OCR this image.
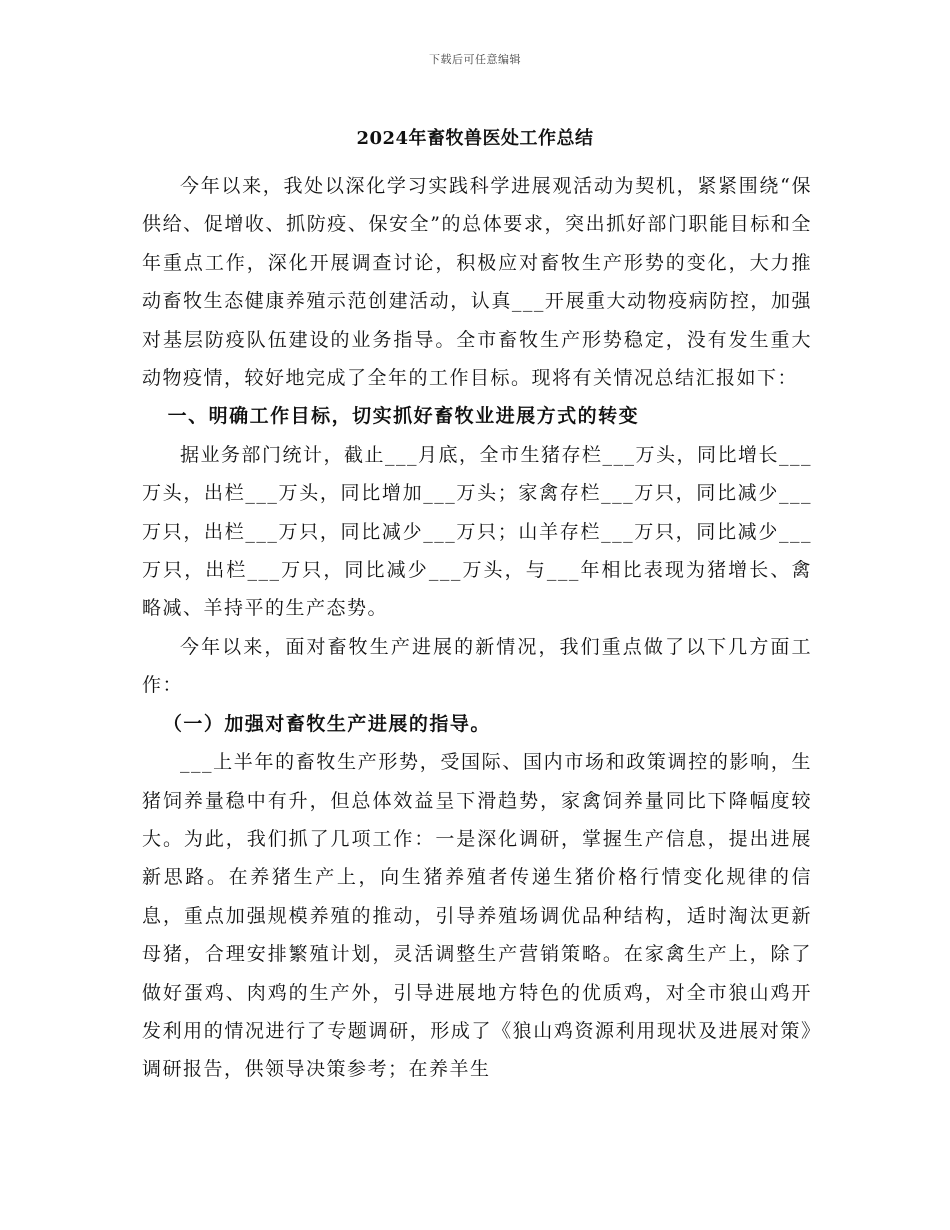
下载后可任意编辑
2024年畜牧兽医处工作总结

今年以来，我处以深化学习实践科学进展观活动为契机，紧紧围绕“保供给、促增收、抓防疫、保安全”的总体要求，突出抓好部门职能目标和全年重点工作，深化开展调查讨论，积极应对畜牧生产形势的变化，大力推动畜牧生态健康养殖示范创建活动，认真___开展重大动物疫病防控，加强对基层防疫队伍建设的业务指导。全市畜牧生产形势稳定，没有发生重大动物疫情，较好地完成了全年的工作目标。现将有关情况总结汇报如下：

一、明确工作目标，切实抓好畜牧业进展方式的转变

据业务部门统计，截止___月底，全市生猪存栏___万头，同比增长___万头，出栏___万头，同比增加___万头；家禽存栏___万只，同比减少___万只，出栏___万只，同比减少___万只；山羊存栏___万只，同比减少___万只，出栏___万只，同比减少___万头，与___年相比表现为猪增长、禽略减、羊持平的生产态势。

今年以来，面对畜牧生产进展的新情况，我们重点做了以下几方面工作：

（一）加强对畜牧生产进展的指导。

___上半年的畜牧生产形势，受国际、国内市场和政策调控的影响，生猪饲养量稳中有升，但总体效益呈下滑趋势，家禽饲养量同比下降幅度较大。为此，我们抓了几项工作：一是深化调研，掌握生产信息，提出进展新思路。在养猪生产上，向生猪养殖者传递生猪价格行情变化规律的信息，重点加强规模养殖的推动，引导养殖场调优品种结构，适时淘汰更新母猪，合理安排繁殖计划，灵活调整生产营销策略。在家禽生产上，除了做好蛋鸡、肉鸡的生产外，引导进展地方特色的优质鸡，对全市狼山鸡开发利用的情况进行了专题调研，形成了《狼山鸡资源利用现状及进展对策》调研报告，供领导决策参考；在养羊生
